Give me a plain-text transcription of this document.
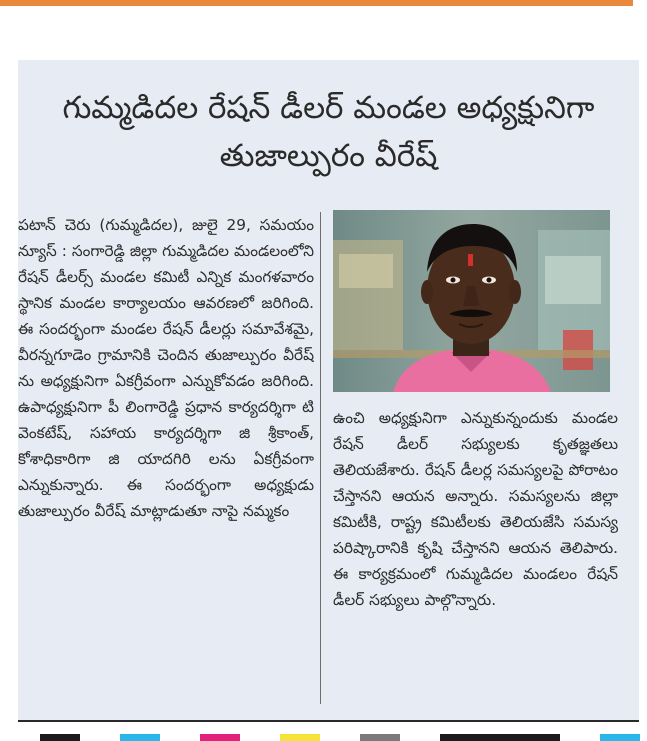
గుమ్మడిదల రేషన్ డీలర్ మండల అధ్యక్షునిగా
తుజాల్పురం వీరేష్

పటాన్ చెరు (గుమ్మడిదల), జులై 29, సమయం న్యూస్ : సంగారెడ్డి జిల్లా గుమ్మడిదల మండలంలోని రేషన్ డీలర్స్ మండల కమిటీ ఎన్నిక మంగళవారం స్థానిక మండల కార్యాలయం ఆవరణలో జరిగింది. ఈ సందర్భంగా మండల రేషన్ డీలర్లు సమావేశమై, వీరన్నగూడెం గ్రామానికి చెందిన తుజాల్పురం వీరేష్ ను అధ్యక్షునిగా ఏకగ్రీవంగా ఎన్నుకోవడం జరిగింది. ఉపాధ్యక్షునిగా పీ లింగారెడ్డి ప్రధాన కార్యదర్శిగా టి వెంకటేష్, సహాయ కార్యదర్శిగా జి శ్రీకాంత్, కోశాధికారిగా జి యాదగిరి లను ఏకగ్రీవంగా ఎన్నుకున్నారు. ఈ సందర్భంగా అధ్యక్షుడు తుజాల్పురం వీరేష్ మాట్లాడుతూ నాపై నమ్మకం

ఉంచి అధ్యక్షునిగా ఎన్నుకున్నందుకు మండల రేషన్ డీలర్ సభ్యులకు కృతజ్ఞతలు తెలియజేశారు. రేషన్ డీలర్ల సమస్యలపై పోరాటం చేస్తానని ఆయన అన్నారు. సమస్యలను జిల్లా కమిటీకి, రాష్ట్ర కమిటీలకు తెలియజేసి సమస్య పరిష్కారానికి కృషి చేస్తానని ఆయన తెలిపారు. ఈ కార్యక్రమంలో గుమ్మడిదల మండలం రేషన్ డీలర్ సభ్యులు పాల్గొన్నారు.
